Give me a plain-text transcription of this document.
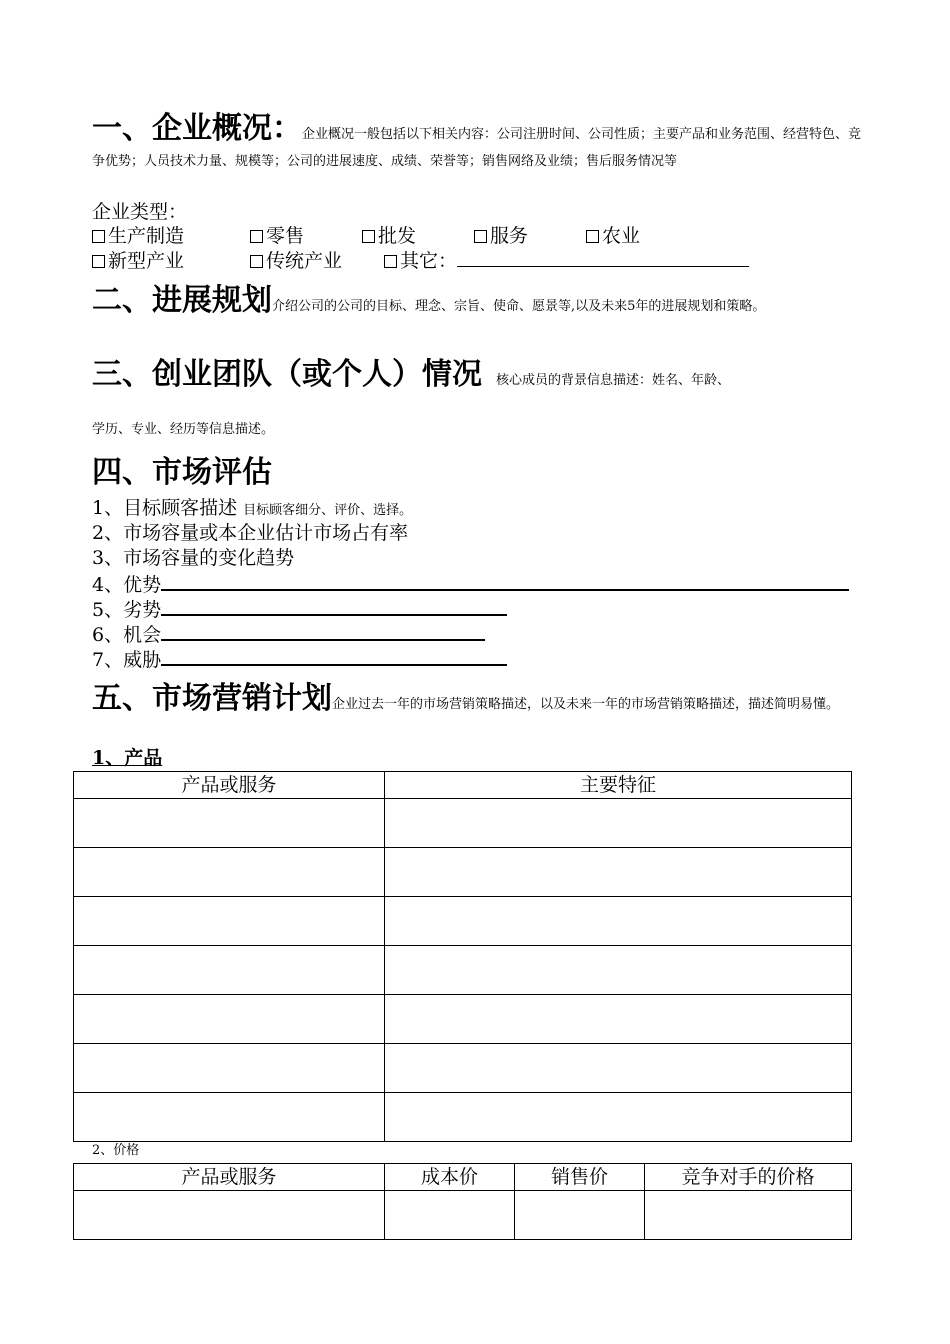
一、企业概况：企业概况一般包括以下相关内容：公司注册时间、公司性质；主要产品和业务范围、经营特色、竞争优势；人员技术力量、规模等；公司的进展速度、成绩、荣誉等；销售网络及业绩；售后服务情况等
企业类型：
生产制造	零售	批发	服务	农业
新型产业	传统产业	其它：
二、进展规划介绍公司的公司的目标、理念、宗旨、使命、愿景等,以及未来5年的进展规划和策略。
三、创业团队（或个人）情况 核心成员的背景信息描述：姓名、年龄、
学历、专业、经历等信息描述。
四、市场评估
1、目标顾客描述 目标顾客细分、评价、选择。
2、市场容量或本企业估计市场占有率
3、市场容量的变化趋势
4、优势
5、劣势
6、机会
7、威胁
五、市场营销计划企业过去一年的市场营销策略描述，以及未来一年的市场营销策略描述，描述简明易懂。
1、产品
产品或服务	主要特征

2、价格
产品或服务	成本价	销售价	竞争对手的价格
